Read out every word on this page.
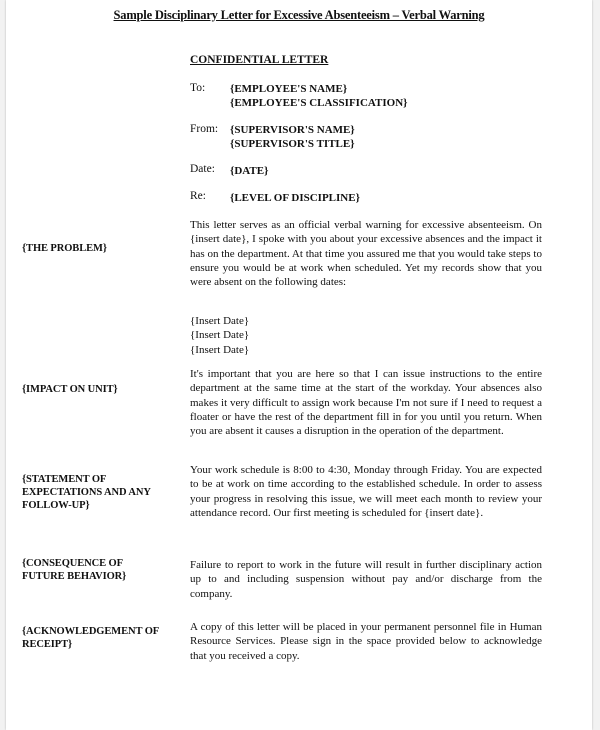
Sample Disciplinary Letter for Excessive Absenteeism – Verbal Warning
CONFIDENTIAL LETTER
To: {EMPLOYEE'S NAME}
{EMPLOYEE'S CLASSIFICATION}
From: {SUPERVISOR'S NAME}
{SUPERVISOR'S TITLE}
Date: {DATE}
Re: {LEVEL OF DISCIPLINE}
{THE PROBLEM}
This letter serves as an official verbal warning for excessive absenteeism. On {insert date}, I spoke with you about your excessive absences and the impact it has on the department. At that time you assured me that you would take steps to ensure you would be at work when scheduled. Yet my records show that you were absent on the following dates:
{Insert Date}
{Insert Date}
{Insert Date}
{IMPACT ON UNIT}
It's important that you are here so that I can issue instructions to the entire department at the same time at the start of the workday. Your absences also makes it very difficult to assign work because I'm not sure if I need to request a floater or have the rest of the department fill in for you until you return. When you are absent it causes a disruption in the operation of the department.
{STATEMENT OF EXPECTATIONS AND ANY FOLLOW-UP}
Your work schedule is 8:00 to 4:30, Monday through Friday. You are expected to be at work on time according to the established schedule. In order to assess your progress in resolving this issue, we will meet each month to review your attendance record. Our first meeting is scheduled for {insert date}.
{CONSEQUENCE OF FUTURE BEHAVIOR}
Failure to report to work in the future will result in further disciplinary action up to and including suspension without pay and/or discharge from the company.
{ACKNOWLEDGEMENT OF RECEIPT}
A copy of this letter will be placed in your permanent personnel file in Human Resource Services. Please sign in the space provided below to acknowledge that you received a copy.
